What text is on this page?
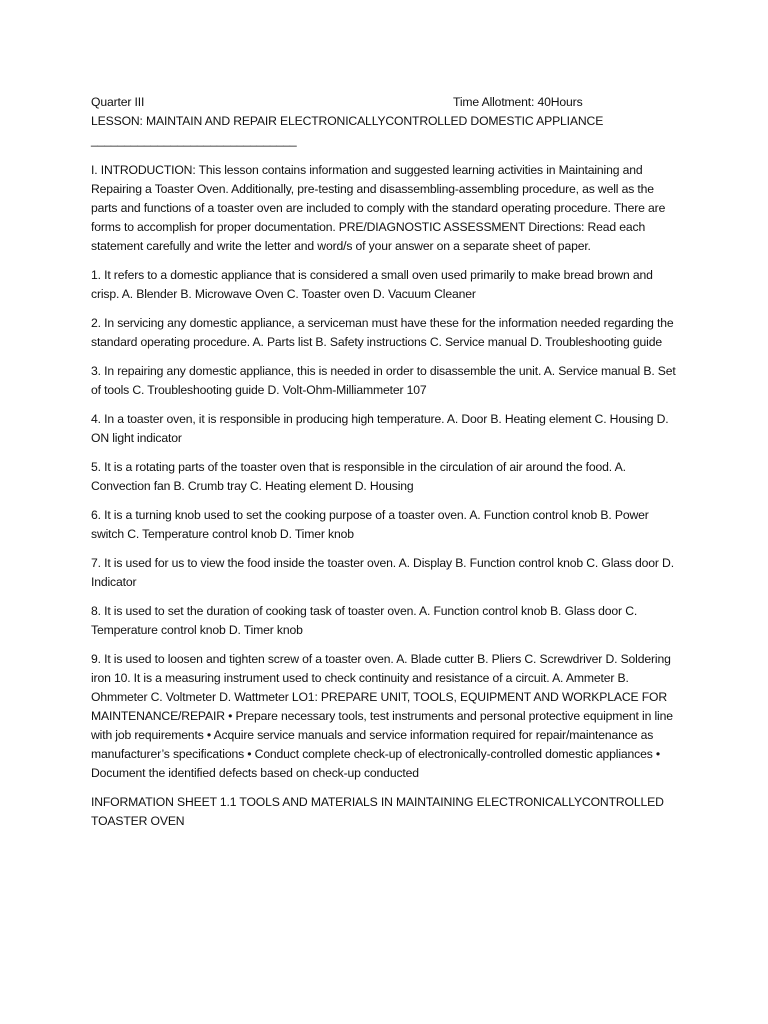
Quarter III	Time Allotment: 40Hours

LESSON: MAINTAIN AND REPAIR ELECTRONICALLYCONTROLLED DOMESTIC APPLIANCE

_______________________________

I. INTRODUCTION: This lesson contains information and suggested learning activities in Maintaining and Repairing a Toaster Oven. Additionally, pre-testing and disassembling-assembling procedure, as well as the parts and functions of a toaster oven are included to comply with the standard operating procedure. There are forms to accomplish for proper documentation. PRE/DIAGNOSTIC ASSESSMENT Directions: Read each statement carefully and write the letter and word/s of your answer on a separate sheet of paper.

1. It refers to a domestic appliance that is considered a small oven used primarily to make bread brown and crisp. A. Blender B. Microwave Oven C. Toaster oven D. Vacuum Cleaner

2. In servicing any domestic appliance, a serviceman must have these for the information needed regarding the standard operating procedure. A. Parts list B. Safety instructions C. Service manual D. Troubleshooting guide

3. In repairing any domestic appliance, this is needed in order to disassemble the unit. A. Service manual B. Set of tools C. Troubleshooting guide D. Volt-Ohm-Milliammeter 107

4. In a toaster oven, it is responsible in producing high temperature. A. Door B. Heating element C. Housing D. ON light indicator

5. It is a rotating parts of the toaster oven that is responsible in the circulation of air around the food. A. Convection fan B. Crumb tray C. Heating element D. Housing

6. It is a turning knob used to set the cooking purpose of a toaster oven. A. Function control knob B. Power switch C. Temperature control knob D. Timer knob

7. It is used for us to view the food inside the toaster oven. A. Display B. Function control knob C. Glass door D. Indicator

8. It is used to set the duration of cooking task of toaster oven. A. Function control knob B. Glass door C. Temperature control knob D. Timer knob

9. It is used to loosen and tighten screw of a toaster oven. A. Blade cutter B. Pliers C. Screwdriver D. Soldering iron 10. It is a measuring instrument used to check continuity and resistance of a circuit. A. Ammeter B. Ohmmeter C. Voltmeter D. Wattmeter LO1: PREPARE UNIT, TOOLS, EQUIPMENT AND WORKPLACE FOR MAINTENANCE/REPAIR • Prepare necessary tools, test instruments and personal protective equipment in line with job requirements • Acquire service manuals and service information required for repair/maintenance as manufacturer’s specifications • Conduct complete check-up of electronically-controlled domestic appliances • Document the identified defects based on check-up conducted

INFORMATION SHEET 1.1 TOOLS AND MATERIALS IN MAINTAINING ELECTRONICALLYCONTROLLED TOASTER OVEN
